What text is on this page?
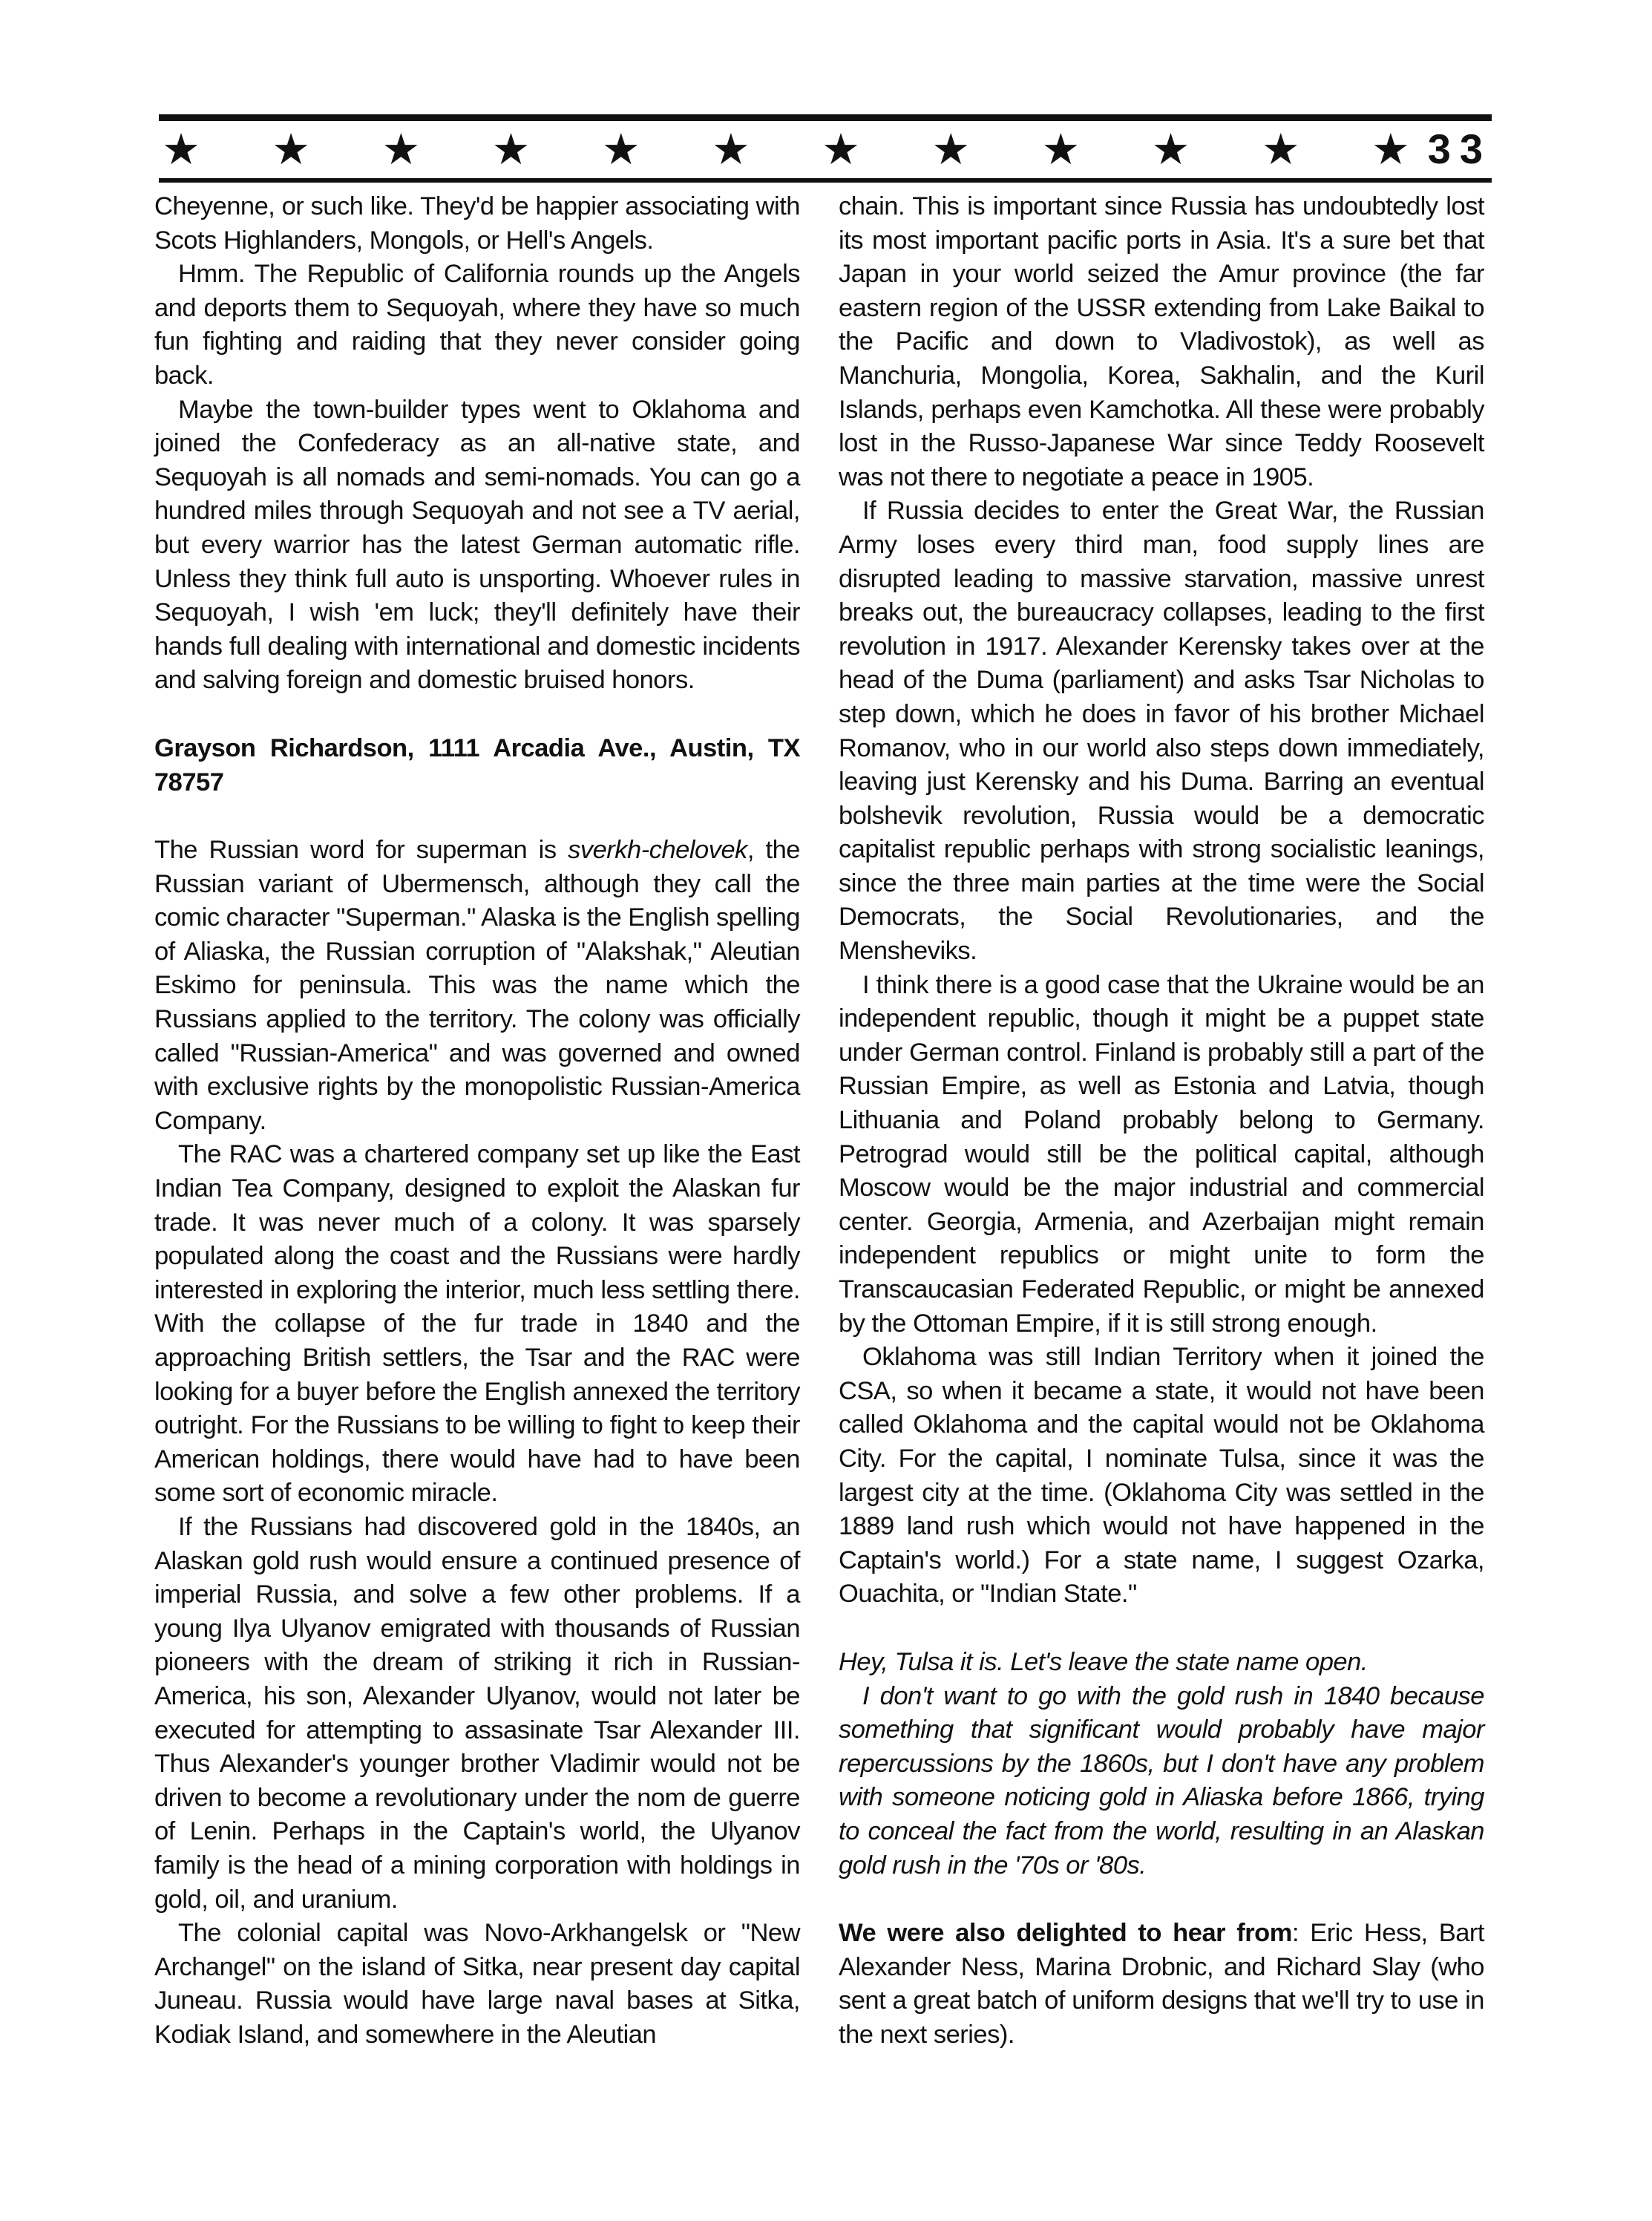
★ ★ ★ ★ ★ ★ ★ ★ ★ ★ ★ ★ 33

Cheyenne, or such like. They'd be happier associating with Scots Highlanders, Mongols, or Hell's Angels.

Hmm. The Republic of California rounds up the Angels and deports them to Sequoyah, where they have so much fun fighting and raiding that they never consider going back.

Maybe the town-builder types went to Oklahoma and joined the Confederacy as an all-native state, and Sequoyah is all nomads and semi-nomads. You can go a hundred miles through Sequoyah and not see a TV aerial, but every warrior has the latest German automatic rifle. Unless they think full auto is unsporting. Whoever rules in Sequoyah, I wish 'em luck; they'll definitely have their hands full dealing with international and domestic incidents and salving foreign and domestic bruised honors.

Grayson Richardson, 1111 Arcadia Ave., Austin, TX 78757

The Russian word for superman is sverkh-chelovek, the Russian variant of Ubermensch, although they call the comic character "Superman." Alaska is the English spelling of Aliaska, the Russian corruption of "Alakshak," Aleutian Eskimo for peninsula. This was the name which the Russians applied to the territory. The colony was officially called "Russian-America" and was governed and owned with exclusive rights by the monopolistic Russian-America Company.

The RAC was a chartered company set up like the East Indian Tea Company, designed to exploit the Alaskan fur trade. It was never much of a colony. It was sparsely populated along the coast and the Russians were hardly interested in exploring the interior, much less settling there. With the collapse of the fur trade in 1840 and the approaching British settlers, the Tsar and the RAC were looking for a buyer before the English annexed the territory outright. For the Russians to be willing to fight to keep their American holdings, there would have had to have been some sort of economic miracle.

If the Russians had discovered gold in the 1840s, an Alaskan gold rush would ensure a continued presence of imperial Russia, and solve a few other problems. If a young Ilya Ulyanov emigrated with thousands of Russian pioneers with the dream of striking it rich in Russian-America, his son, Alexander Ulyanov, would not later be executed for attempting to assasinate Tsar Alexander III. Thus Alexander's younger brother Vladimir would not be driven to become a revolutionary under the nom de guerre of Lenin. Perhaps in the Captain's world, the Ulyanov family is the head of a mining corporation with holdings in gold, oil, and uranium.

The colonial capital was Novo-Arkhangelsk or "New Archangel" on the island of Sitka, near present day capital Juneau. Russia would have large naval bases at Sitka, Kodiak Island, and somewhere in the Aleutian

chain. This is important since Russia has undoubtedly lost its most important pacific ports in Asia. It's a sure bet that Japan in your world seized the Amur province (the far eastern region of the USSR extending from Lake Baikal to the Pacific and down to Vladivostok), as well as Manchuria, Mongolia, Korea, Sakhalin, and the Kuril Islands, perhaps even Kamchotka. All these were probably lost in the Russo-Japanese War since Teddy Roosevelt was not there to negotiate a peace in 1905.

If Russia decides to enter the Great War, the Russian Army loses every third man, food supply lines are disrupted leading to massive starvation, massive unrest breaks out, the bureaucracy collapses, leading to the first revolution in 1917. Alexander Kerensky takes over at the head of the Duma (parliament) and asks Tsar Nicholas to step down, which he does in favor of his brother Michael Romanov, who in our world also steps down immediately, leaving just Kerensky and his Duma. Barring an eventual bolshevik revolution, Russia would be a democratic capitalist republic perhaps with strong socialistic leanings, since the three main parties at the time were the Social Democrats, the Social Revolutionaries, and the Mensheviks.

I think there is a good case that the Ukraine would be an independent republic, though it might be a puppet state under German control. Finland is probably still a part of the Russian Empire, as well as Estonia and Latvia, though Lithuania and Poland probably belong to Germany. Petrograd would still be the political capital, although Moscow would be the major industrial and commercial center. Georgia, Armenia, and Azerbaijan might remain independent republics or might unite to form the Transcaucasian Federated Republic, or might be annexed by the Ottoman Empire, if it is still strong enough.

Oklahoma was still Indian Territory when it joined the CSA, so when it became a state, it would not have been called Oklahoma and the capital would not be Oklahoma City. For the capital, I nominate Tulsa, since it was the largest city at the time. (Oklahoma City was settled in the 1889 land rush which would not have happened in the Captain's world.) For a state name, I suggest Ozarka, Ouachita, or "Indian State."

Hey, Tulsa it is. Let's leave the state name open.

I don't want to go with the gold rush in 1840 because something that significant would probably have major repercussions by the 1860s, but I don't have any problem with someone noticing gold in Aliaska before 1866, trying to conceal the fact from the world, resulting in an Alaskan gold rush in the '70s or '80s.

We were also delighted to hear from: Eric Hess, Bart Alexander Ness, Marina Drobnic, and Richard Slay (who sent a great batch of uniform designs that we'll try to use in the next series).
